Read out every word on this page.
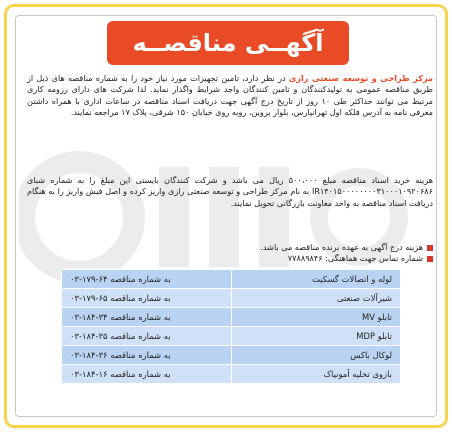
آگهــی مناقصــه
مرکز طراحی و توسعه صنعتی رازی در نظر دارد، تامین تجهیزات مورد نیاز خود را به شماره مناقصه های ذیل از طریق مناقصه عمومی به تولیدکنندگان و تامین کنندگان واجد شرایط واگذار نماید. لذا شرکت های دارای رزومه کاری مرتبط می توانند حداکثر طی ۱۰ روز از تاریخ درج آگهی جهت دریافت اسناد مناقصه در ساعات اداری با همراه داشتن معرفی نامه به آدرس فلکه اول تهرانپارس، بلوار پروین، روبه روی خیابان ۱۵۰ شرقی، پلاک ۱۷ مراجعه نمایند.
هزینه خرید اسناد مناقصه مبلغ ۵۰۰،۰۰۰ ریال می باشد و شرکت کنندگان بایستی این مبلغ را به شماره شبای IR۱۴۰۱۵۰۰۰۰۰۰۰۰۳۱۰۰۰۱۰۹۲۰۶۸۶ به نام مرکز طراحی و توسعه صنعتی رازی واریز کرده و اصل فیش واریز را به هنگام دریافت اسناد مناقصه به واحد معاونت بازرگانی تحویل نمایند.
هزینه درج آگهی به عهده برنده مناقصه می باشد.
شماره تماس جهت هماهنگی: ۷۷۸۸۹۸۴۶
لوله و اتصالات گسکیت	به شماره مناقصه ۶۴-۱۷۹-۰۳
شیرآلات صنعتی	به شماره مناقصه ۶۵-۱۷۹-۰۳
تابلو MV	به شماره مناقصه ۳۴-۱۸۴-۰۳
تابلو MDP	به شماره مناقصه ۳۵-۱۸۴-۰۳
لوکال باکس	به شماره مناقصه ۳۶-۱۸۴-۰۳
بازوی تخلیه آمونیاک	به شماره مناقصه ۱۶-۱۸۴-۰۳
